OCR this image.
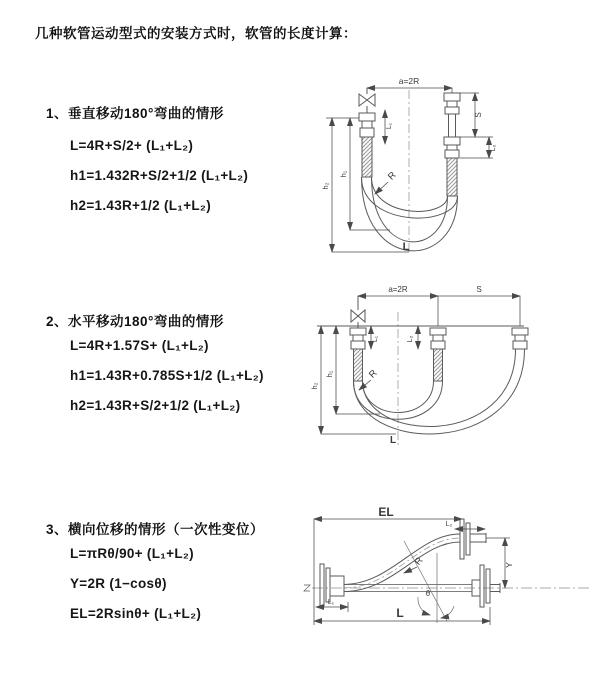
几种软管运动型式的安装方式时，软管的长度计算：
1、垂直移动180°弯曲的情形
L=4R+S/2+ (L₁+L₂)
h1=1.432R+S/2+1/2 (L₁+L₂)
h2=1.43R+1/2 (L₁+L₂)
2、水平移动180°弯曲的情形
L=4R+1.57S+ (L₁+L₂)
h1=1.43R+0.785S+1/2 (L₁+L₂)
h2=1.43R+S/2+1/2 (L₁+L₂)
3、横向位移的情形（一次性变位）
L=πRθ/90+ (L₁+L₂)
Y=2R (1−cosθ)
EL=2Rsinθ+ (L₁+L₂)
a=2R
S
L₁
L₂
h₁
h₂
R
L
a=2R	S
L₁	L₂
h₁
h₂
R
L
EL
L₂
Y
R
θ
L₁
L
